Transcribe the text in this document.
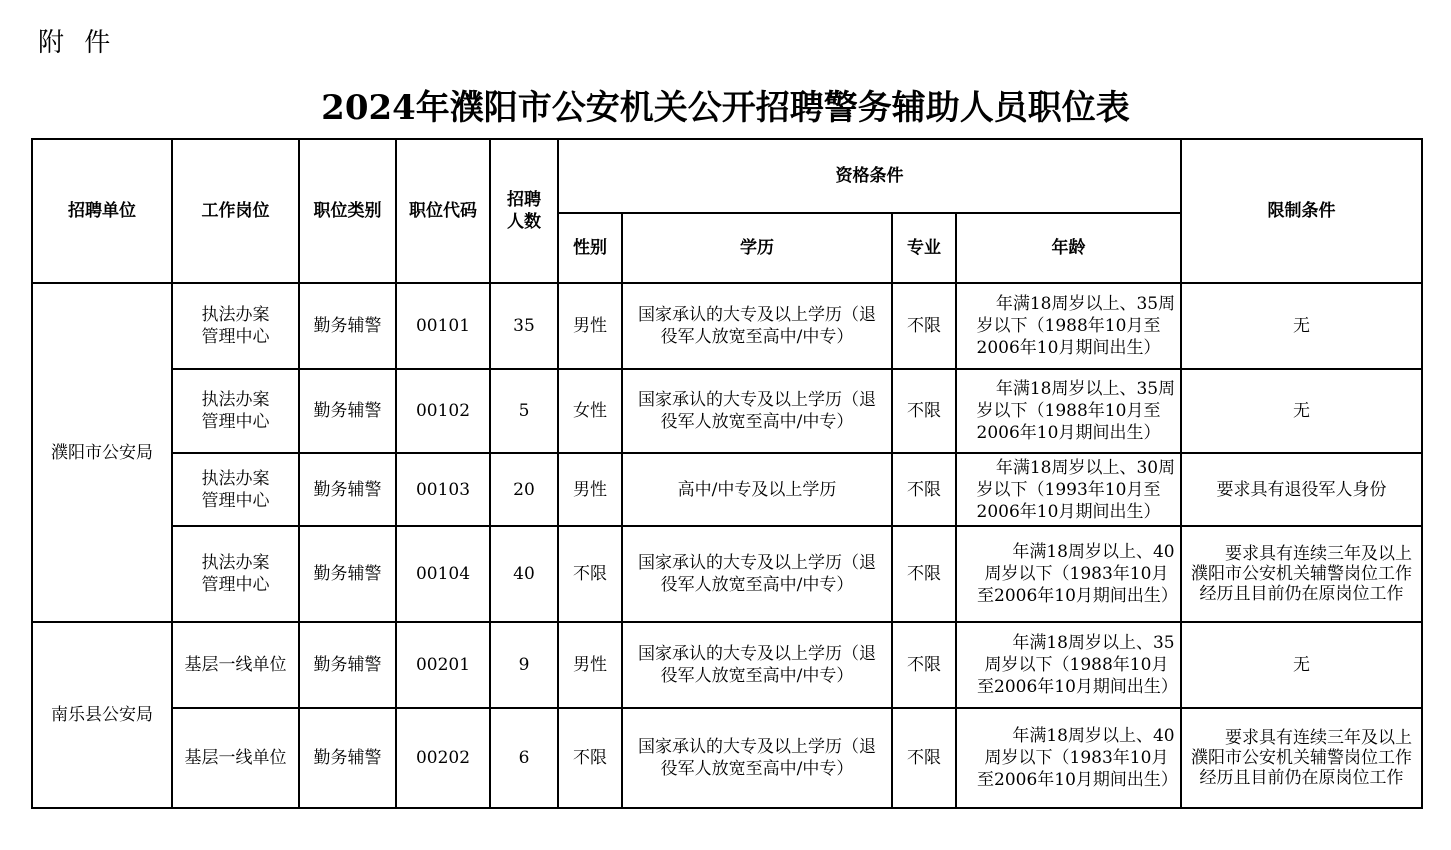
附 件
2024年濮阳市公安机关公开招聘警务辅助人员职位表
招聘单位	工作岗位	职位类别	职位代码	招聘人数	资格条件				限制条件
					性别	学历	专业	年龄	
濮阳市公安局	执法办案管理中心	勤务辅警	00101	35	男性	国家承认的大专及以上学历（退役军人放宽至高中/中专）	不限	年满18周岁以上、35周岁以下（1988年10月至2006年10月期间出生）	无
	执法办案管理中心	勤务辅警	00102	5	女性	国家承认的大专及以上学历（退役军人放宽至高中/中专）	不限	年满18周岁以上、35周岁以下（1988年10月至2006年10月期间出生）	无
	执法办案管理中心	勤务辅警	00103	20	男性	高中/中专及以上学历	不限	年满18周岁以上、30周岁以下（1993年10月至2006年10月期间出生）	要求具有退役军人身份
	执法办案管理中心	勤务辅警	00104	40	不限	国家承认的大专及以上学历（退役军人放宽至高中/中专）	不限	年满18周岁以上、40周岁以下（1983年10月至2006年10月期间出生）	要求具有连续三年及以上濮阳市公安机关辅警岗位工作经历且目前仍在原岗位工作
南乐县公安局	基层一线单位	勤务辅警	00201	9	男性	国家承认的大专及以上学历（退役军人放宽至高中/中专）	不限	年满18周岁以上、35周岁以下（1988年10月至2006年10月期间出生）	无
	基层一线单位	勤务辅警	00202	6	不限	国家承认的大专及以上学历（退役军人放宽至高中/中专）	不限	年满18周岁以上、40周岁以下（1983年10月至2006年10月期间出生）	要求具有连续三年及以上濮阳市公安机关辅警岗位工作经历且目前仍在原岗位工作
